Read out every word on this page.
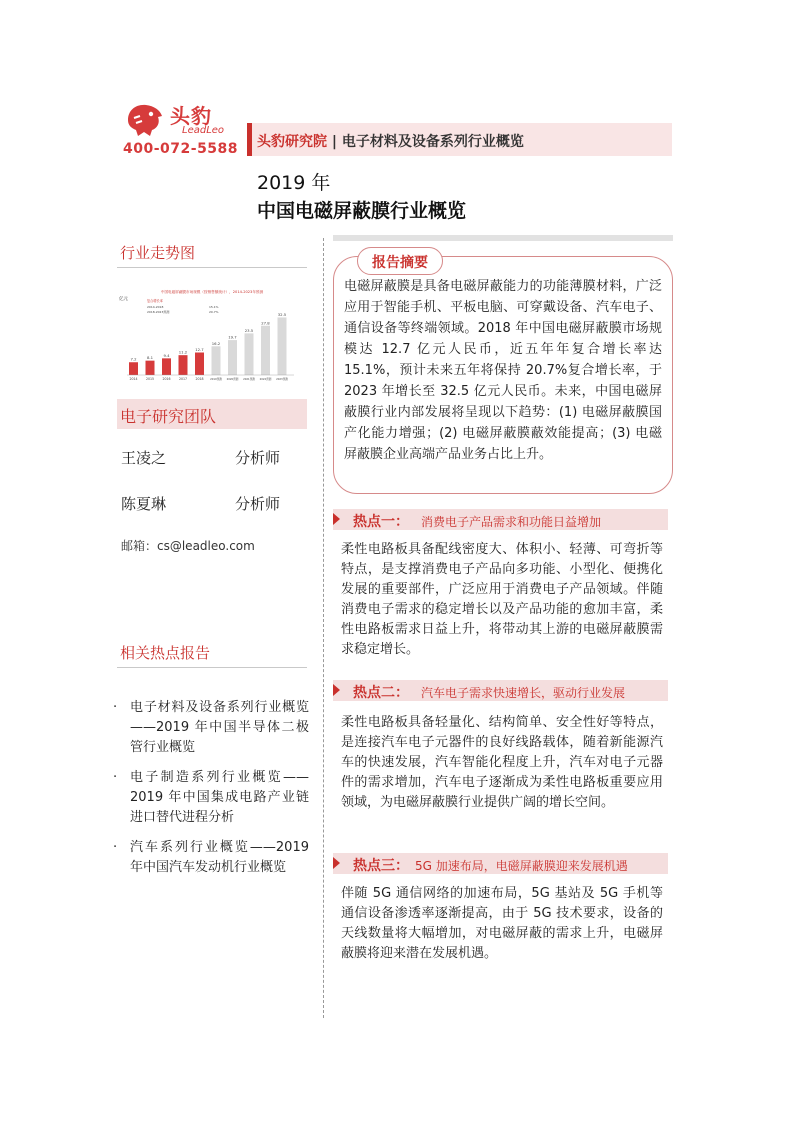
头豹
LeadLeo
400-072-5588 头豹研究院 | 电子材料及设备系列行业概览
2019 年
中国电磁屏蔽膜行业概览
行业走势图
中国电磁屏蔽膜市场规模（按销售额统计），2014-2023年预测
亿元	复合增长率
2014-2018	15.1%
2018-2023预测	20.7%
7.2
2014
8.1
2015
9.4
2016
11.2
2017
12.7
2018
16.2
2019预测
19.7
2020预测
23.5
2021预测
27.8
2022预测
32.5
2023预测
电子研究团队
王凌之	分析师
陈夏琳	分析师
邮箱：cs@leadleo.com
相关热点报告
· 电子材料及设备系列行业概览——2019 年中国半导体二极管行业概览
· 电子制造系列行业概览——2019 年中国集成电路产业链进口替代进程分析
· 汽车系列行业概览——2019 年中国汽车发动机行业概览
报告摘要
电磁屏蔽膜是具备电磁屏蔽能力的功能薄膜材料，广泛应用于智能手机、平板电脑、可穿戴设备、汽车电子、通信设备等终端领域。2018 年中国电磁屏蔽膜市场规模达 12.7 亿元人民币，近五年年复合增长率达 15.1%，预计未来五年将保持 20.7%复合增长率，于 2023 年增长至 32.5 亿元人民币。未来，中国电磁屏蔽膜行业内部发展将呈现以下趋势：(1) 电磁屏蔽膜国产化能力增强；(2) 电磁屏蔽膜蔽效能提高；(3) 电磁屏蔽膜企业高端产品业务占比上升。
热点一： 消费电子产品需求和功能日益增加
柔性电路板具备配线密度大、体积小、轻薄、可弯折等特点，是支撑消费电子产品向多功能、小型化、便携化发展的重要部件，广泛应用于消费电子产品领域。伴随消费电子需求的稳定增长以及产品功能的愈加丰富，柔性电路板需求日益上升，将带动其上游的电磁屏蔽膜需求稳定增长。
热点二： 汽车电子需求快速增长，驱动行业发展
柔性电路板具备轻量化、结构简单、安全性好等特点，是连接汽车电子元器件的良好线路载体，随着新能源汽车的快速发展，汽车智能化程度上升，汽车对电子元器件的需求增加，汽车电子逐渐成为柔性电路板重要应用领域，为电磁屏蔽膜行业提供广阔的增长空间。
热点三： 5G 加速布局，电磁屏蔽膜迎来发展机遇
伴随 5G 通信网络的加速布局，5G 基站及 5G 手机等通信设备渗透率逐渐提高，由于 5G 技术要求，设备的天线数量将大幅增加，对电磁屏蔽的需求上升，电磁屏蔽膜将迎来潜在发展机遇。
